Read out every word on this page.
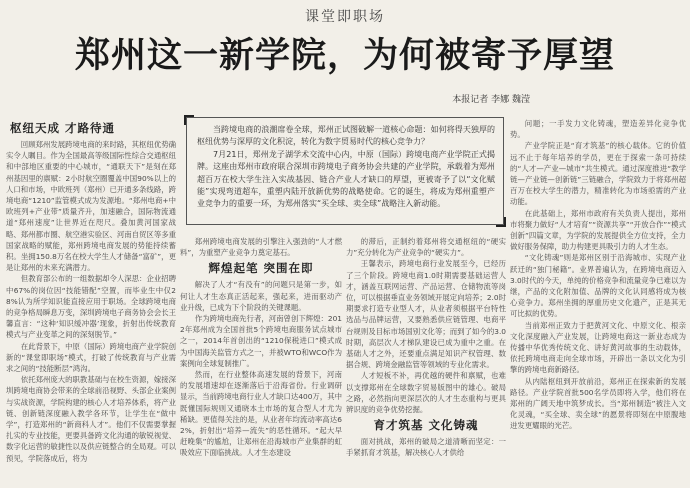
课堂即职场
郑州这一新学院，为何被寄予厚望
本报记者 李娜 魏滢
枢纽天成 才路待通

回顾郑州发展跨境电商的来时路，其枢纽优势确实令人瞩目。作为全国最高等级国际性综合交通枢纽和中部地区重要的中心城市，“通联天下”是刻在郑州基因里的禀赋：2小时航空圈覆盖中国90%以上的人口和市场，中欧班列（郑州）已开通多条线路，跨境电商“1210”监管模式成为发源地。“郑州电商+中欧班列+产业带”质量齐升，加速融合，国际物流通道“郑州速度”让世界近在咫尺。叠加黄河国家战略、郑州都市圈、航空港实验区、河南自贸区等多重国家战略的赋能，郑州跨境电商发展的势能持续蓄积。坐拥150.8万名在校大学生人才储备“富矿”，更是让郑州的未来充满潜力。

但教育部公布的一组数据却令人深思：企业招聘中67%的岗位因“技能错配”空置，而毕业生中仅28%认为所学知识能直接应用于职场。全球跨境电商的竞争格局瞬息万变，深圳跨境电子商务协会会长王馨直言：“这种‘知识缓冲器’现象，折射出传统教育模式与产业变革之间的深刻脱节。”

在此背景下，中原（国际）跨境电商产业学院创新的“课堂即职场”模式，打破了传统教育与产业需求之间的“技能断层”鸿沟。

依托郑州庞大的职教基础与在校生资源，嫁接深圳跨境电商协会带来的全球前沿视野、头部企业案例与实战资源，学院构建的核心人才培养体系，将产业链、创新链深度融入教学各环节，让学生在“做中学”，打造郑州的“新商科人才”。他们不仅需要掌握扎实的专业技能，更要具备跨文化沟通的敏锐视觉、数字化运营的敏捷性以及供应链整合的全局观。可以预见，学院落成后，将为

当跨境电商的浪潮席卷全球，郑州正试图破解一道核心命题：如何将得天独厚的枢纽优势与深厚的文化积淀，转化为数字贸易时代的核心竞争力？

7月21日，郑州龙子湖学术交流中心内，中原（国际）跨境电商产业学院正式揭牌。这座由郑州市政府联合深圳市跨境电子商务协会共建的产业学院，承载着为郑州超百万在校大学生注入实战基因、链合产业人才缺口的厚望，更被寄予了以“文化赋能”实现弯道超车，重塑内陆开放新优势的战略使命。它的诞生，将成为郑州重塑产业竞争力的重要一环，为郑州落实“买全球、卖全球”战略注入新动能。

郑州跨境电商发展的引擎注入强劲的“人才燃料”，为重塑产业竞争力奠定基石。

辉煌起笔 突围在即

解决了人才“有没有”的问题只是第一步，如何让人才生态真正活起来，强起来，进而驱动产业升级，已成为下个阶段的关键课题。

作为跨境电商先行者，河南曾创下辉煌：2012年郑州成为全国首批5个跨境电商服务试点城市之一，2014年首创出的“1210保税进口”模式成为中国海关监管方式之一，并被WTO和WCO作为案例向全球复制推广。

然而，在行业整体高速发展的背景下，河南的发展增速却在逐渐落后于沿海省份。行业调研显示，当前跨境电商行业人才缺口达400万，其中既懂国际规则又通晓本土市场的复合型人才尤为稀缺。更值得关注的是，从业者年均流动率高达62%，折射出“培养—流失”的恶性循环。“起大早赶晚集”的尴尬，让郑州在沿海城市产业集群的虹吸效应下面临挑战。人才生态建设

的滞后，正制约着郑州将交通枢纽的“硬实力”充分转化为产业竞争的“硬实力”。

王馨表示，跨境电商行业发展至今，已经历了三个阶段。跨境电商1.0时期需要基础运营人才，涵盖互联网运营、产品运营、仓储物流等岗位，可以根据垂直业务领域开展定向培养；2.0时期要求打造专业型人才，从业者须根据平台特性选品与品牌运营，又要熟悉供应链管理、电商平台规则及目标市场国别文化等；而到了如今的3.0时期，高层次人才梯队建设已成为重中之重。在基础人才之外，还要重点满足知识产权管理、数据合规、跨境金融监管等领域的专业化需求。

人才短板不补，再优越的硬件和禀赋，也难以支撑郑州在全球数字贸易版图中的雄心。破局之路，必然指向更深层次的人才生态重构与更具辨识度的竞争优势挖掘。

育才筑基 文化铸魂

面对挑战，郑州的破局之道清晰而坚定：一手紧抓育才筑基，解决核心人才供给

问题；一手发力文化铸魂，塑造差异化竞争优势。

产业学院正是“育才筑基”的核心载体。它的价值远不止于每年培养的学员，更在于探索一条可持续的“人才—产业—城市”共生模式。通过深度推进“教学链—产业链—创新链”三链融合，学院致力于将郑州超百万在校大学生的潜力，精准转化为市场亟需的产业动能。

在此基础上，郑州市政府有关负责人提出，郑州市将聚力做好“人才培育”“资源共享”“开放合作”“模式创新”四篇文章，为学院的发展提供全方位支持，全力做好服务保障，助力构建更具吸引力的人才生态。

“文化铸魂”则是郑州区别于沿海城市、实现产业跃迁的“独门秘籍”。业界普遍认为，在跨境电商迈入3.0时代的今天，单纯的价格竞争和流量竞争已难以为继，产品的文化附加值、品牌的文化认同感将成为核心竞争力。郑州坐拥的厚重历史文化遗产，正是其无可比拟的优势。

当前郑州正致力于把黄河文化、中原文化、根亲文化深度融入产业发展，让跨境电商这一新业态成为传播中华优秀传统文化、讲好黄河故事的生动载体，依托跨境电商走向全球市场，开辟出一条以文化为引擎的跨境电商新路径。

从内陆枢纽到开放前沿，郑州正在探索新的发展路径。产业学院首批500名学员即将入学，他们将在郑州的广阔天地中筑梦成长。当“郑州制造”被注入文化灵魂，“买全球、卖全球”的愿景将即刻在中原腹地迸发更耀眼的光芒。
